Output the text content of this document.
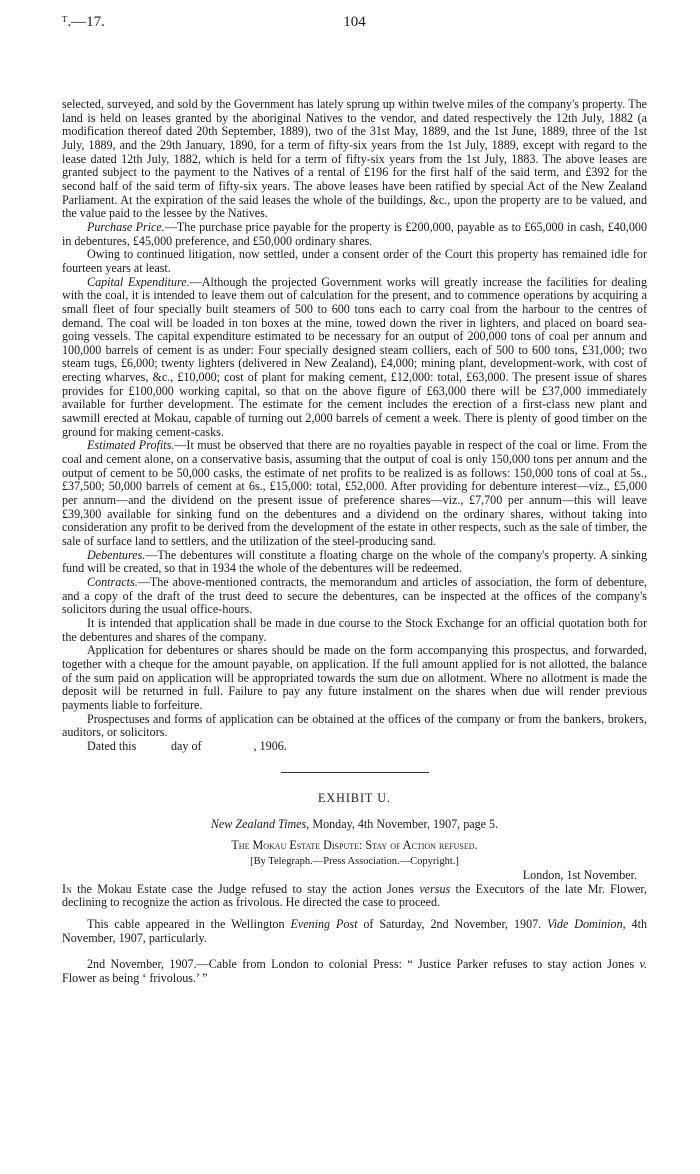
ᵀ.—17.	104

selected, surveyed, and sold by the Government has lately sprung up within twelve miles of the company's property. The land is held on leases granted by the aboriginal Natives to the vendor, and dated respectively the 12th July, 1882 (a modification thereof dated 20th September, 1889), two of the 31st May, 1889, and the 1st June, 1889, three of the 1st July, 1889, and the 29th January, 1890, for a term of fifty-six years from the 1st July, 1889, except with regard to the lease dated 12th July, 1882, which is held for a term of fifty-six years from the 1st July, 1883. The above leases are granted subject to the payment to the Natives of a rental of £196 for the first half of the said term, and £392 for the second half of the said term of fifty-six years. The above leases have been ratified by special Act of the New Zealand Parliament. At the expiration of the said leases the whole of the buildings, &c., upon the property are to be valued, and the value paid to the lessee by the Natives.

Purchase Price.—The purchase price payable for the property is £200,000, payable as to £65,000 in cash, £40,000 in debentures, £45,000 preference, and £50,000 ordinary shares.

Owing to continued litigation, now settled, under a consent order of the Court this property has remained idle for fourteen years at least.

Capital Expenditure.—Although the projected Government works will greatly increase the facilities for dealing with the coal, it is intended to leave them out of calculation for the present, and to commence operations by acquiring a small fleet of four specially built steamers of 500 to 600 tons each to carry coal from the harbour to the centres of demand. The coal will be loaded in ton boxes at the mine, towed down the river in lighters, and placed on board sea-going vessels. The capital expenditure estimated to be necessary for an output of 200,000 tons of coal per annum and 100,000 barrels of cement is as under: Four specially designed steam colliers, each of 500 to 600 tons, £31,000; two steam tugs, £6,000; twenty lighters (delivered in New Zealand), £4,000; mining plant, development-work, with cost of erecting wharves, &c., £10,000; cost of plant for making cement, £12,000: total, £63,000. The present issue of shares provides for £100,000 working capital, so that on the above figure of £63,000 there will be £37,000 immediately available for further development. The estimate for the cement includes the erection of a first-class new plant and sawmill erected at Mokau, capable of turning out 2,000 barrels of cement a week. There is plenty of good timber on the ground for making cement-casks.

Estimated Profits.—It must be observed that there are no royalties payable in respect of the coal or lime. From the coal and cement alone, on a conservative basis, assuming that the output of coal is only 150,000 tons per annum and the output of cement to be 50,000 casks, the estimate of net profits to be realized is as follows: 150,000 tons of coal at 5s., £37,500; 50,000 barrels of cement at 6s., £15,000: total, £52,000. After providing for debenture interest—viz., £5,000 per annum—and the dividend on the present issue of preference shares—viz., £7,700 per annum—this will leave £39,300 available for sinking fund on the debentures and a dividend on the ordinary shares, without taking into consideration any profit to be derived from the development of the estate in other respects, such as the sale of timber, the sale of surface land to settlers, and the utilization of the steel-producing sand.

Debentures.—The debentures will constitute a floating charge on the whole of the company's property. A sinking fund will be created, so that in 1934 the whole of the debentures will be redeemed.

Contracts.—The above-mentioned contracts, the memorandum and articles of association, the form of debenture, and a copy of the draft of the trust deed to secure the debentures, can be inspected at the offices of the company's solicitors during the usual office-hours.

It is intended that application shall be made in due course to the Stock Exchange for an official quotation both for the debentures and shares of the company.

Application for debentures or shares should be made on the form accompanying this prospectus, and forwarded, together with a cheque for the amount payable, on application. If the full amount applied for is not allotted, the balance of the sum paid on application will be appropriated towards the sum due on allotment. Where no allotment is made the deposit will be returned in full. Failure to pay any future instalment on the shares when due will render previous payments liable to forfeiture.

Prospectuses and forms of application can be obtained at the offices of the company or from the bankers, brokers, auditors, or solicitors.

Dated this	day of	, 1906.

EXHIBIT U.

New Zealand Times, Monday, 4th November, 1907, page 5.

The Mokau Estate Dispute: Stay of Action refused.

[By Telegraph.—Press Association.—Copyright.]

London, 1st November.

In the Mokau Estate case the Judge refused to stay the action Jones versus the Executors of the late Mr. Flower, declining to recognize the action as frivolous. He directed the case to proceed.

This cable appeared in the Wellington Evening Post of Saturday, 2nd November, 1907. Vide Dominion, 4th November, 1907, particularly.

2nd November, 1907.—Cable from London to colonial Press: “ Justice Parker refuses to stay action Jones v. Flower as being ‘ frivolous.’ ”
